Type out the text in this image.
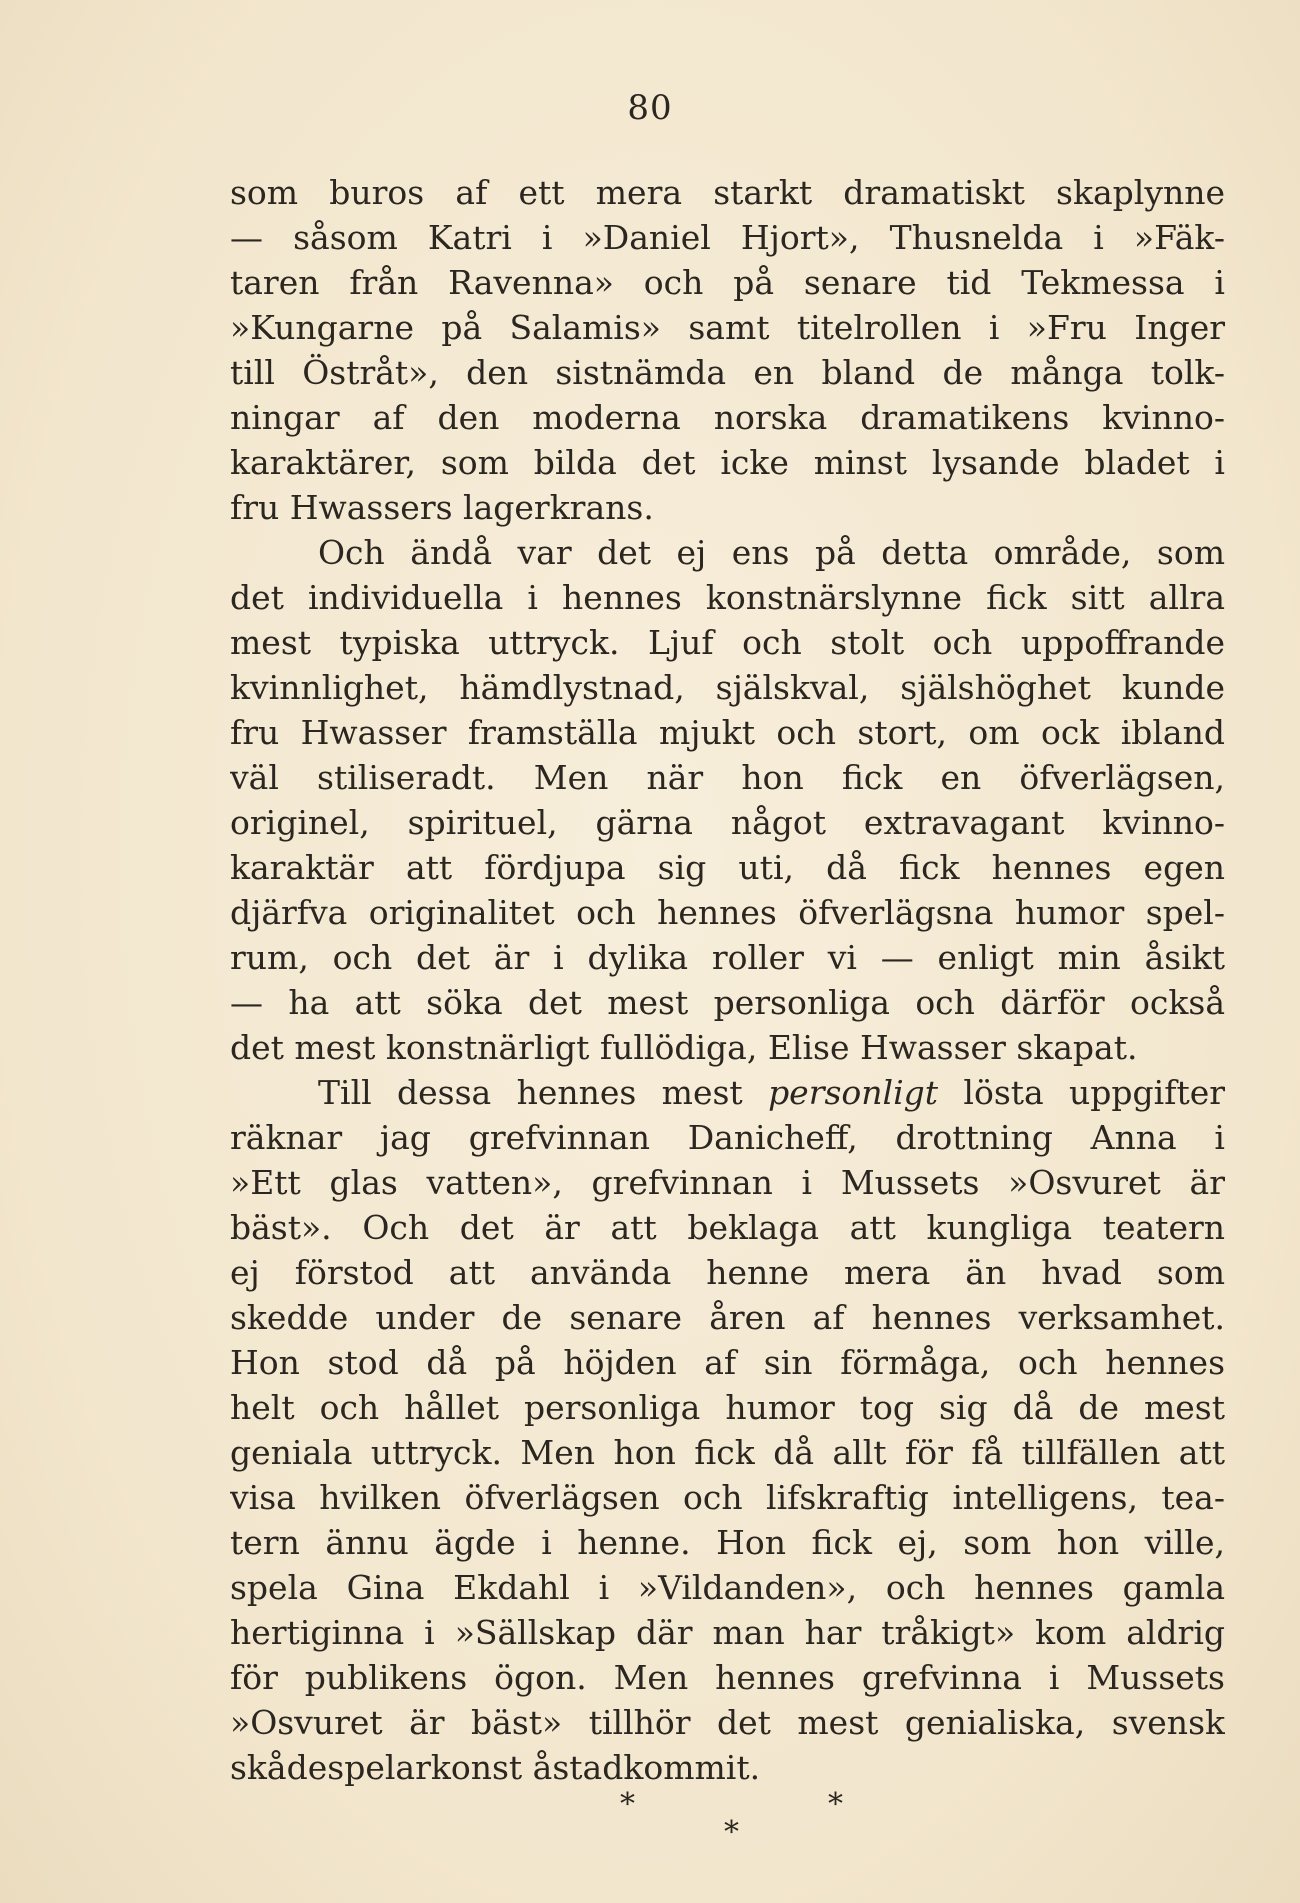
80
som buros af ett mera starkt dramatiskt skaplynne
— såsom Katri i »Daniel Hjort», Thusnelda i »Fäk-
taren från Ravenna» och på senare tid Tekmessa i
»Kungarne på Salamis» samt titelrollen i »Fru Inger
till Östråt», den sistnämda en bland de många tolk-
ningar af den moderna norska dramatikens kvinno-
karaktärer, som bilda det icke minst lysande bladet i
fru Hwassers lagerkrans.
Och ändå var det ej ens på detta område, som
det individuella i hennes konstnärslynne fick sitt allra
mest typiska uttryck. Ljuf och stolt och uppoffrande
kvinnlighet, hämdlystnad, själskval, själshöghet kunde
fru Hwasser framställa mjukt och stort, om ock ibland
väl stiliseradt. Men när hon fick en öfverlägsen,
originel, spirituel, gärna något extravagant kvinno-
karaktär att fördjupa sig uti, då fick hennes egen
djärfva originalitet och hennes öfverlägsna humor spel-
rum, och det är i dylika roller vi — enligt min åsikt
— ha att söka det mest personliga och därför också
det mest konstnärligt fullödiga, Elise Hwasser skapat.
Till dessa hennes mest personligt lösta uppgifter
räknar jag grefvinnan Danicheff, drottning Anna i
»Ett glas vatten», grefvinnan i Mussets »Osvuret är
bäst». Och det är att beklaga att kungliga teatern
ej förstod att använda henne mera än hvad som
skedde under de senare åren af hennes verksamhet.
Hon stod då på höjden af sin förmåga, och hennes
helt och hållet personliga humor tog sig då de mest
geniala uttryck. Men hon fick då allt för få tillfällen att
visa hvilken öfverlägsen och lifskraftig intelligens, tea-
tern ännu ägde i henne. Hon fick ej, som hon ville,
spela Gina Ekdahl i »Vildanden», och hennes gamla
hertiginna i »Sällskap där man har tråkigt» kom aldrig
för publikens ögon. Men hennes grefvinna i Mussets
»Osvuret är bäst» tillhör det mest genialiska, svensk
skådespelarkonst åstadkommit.
*	*
*
